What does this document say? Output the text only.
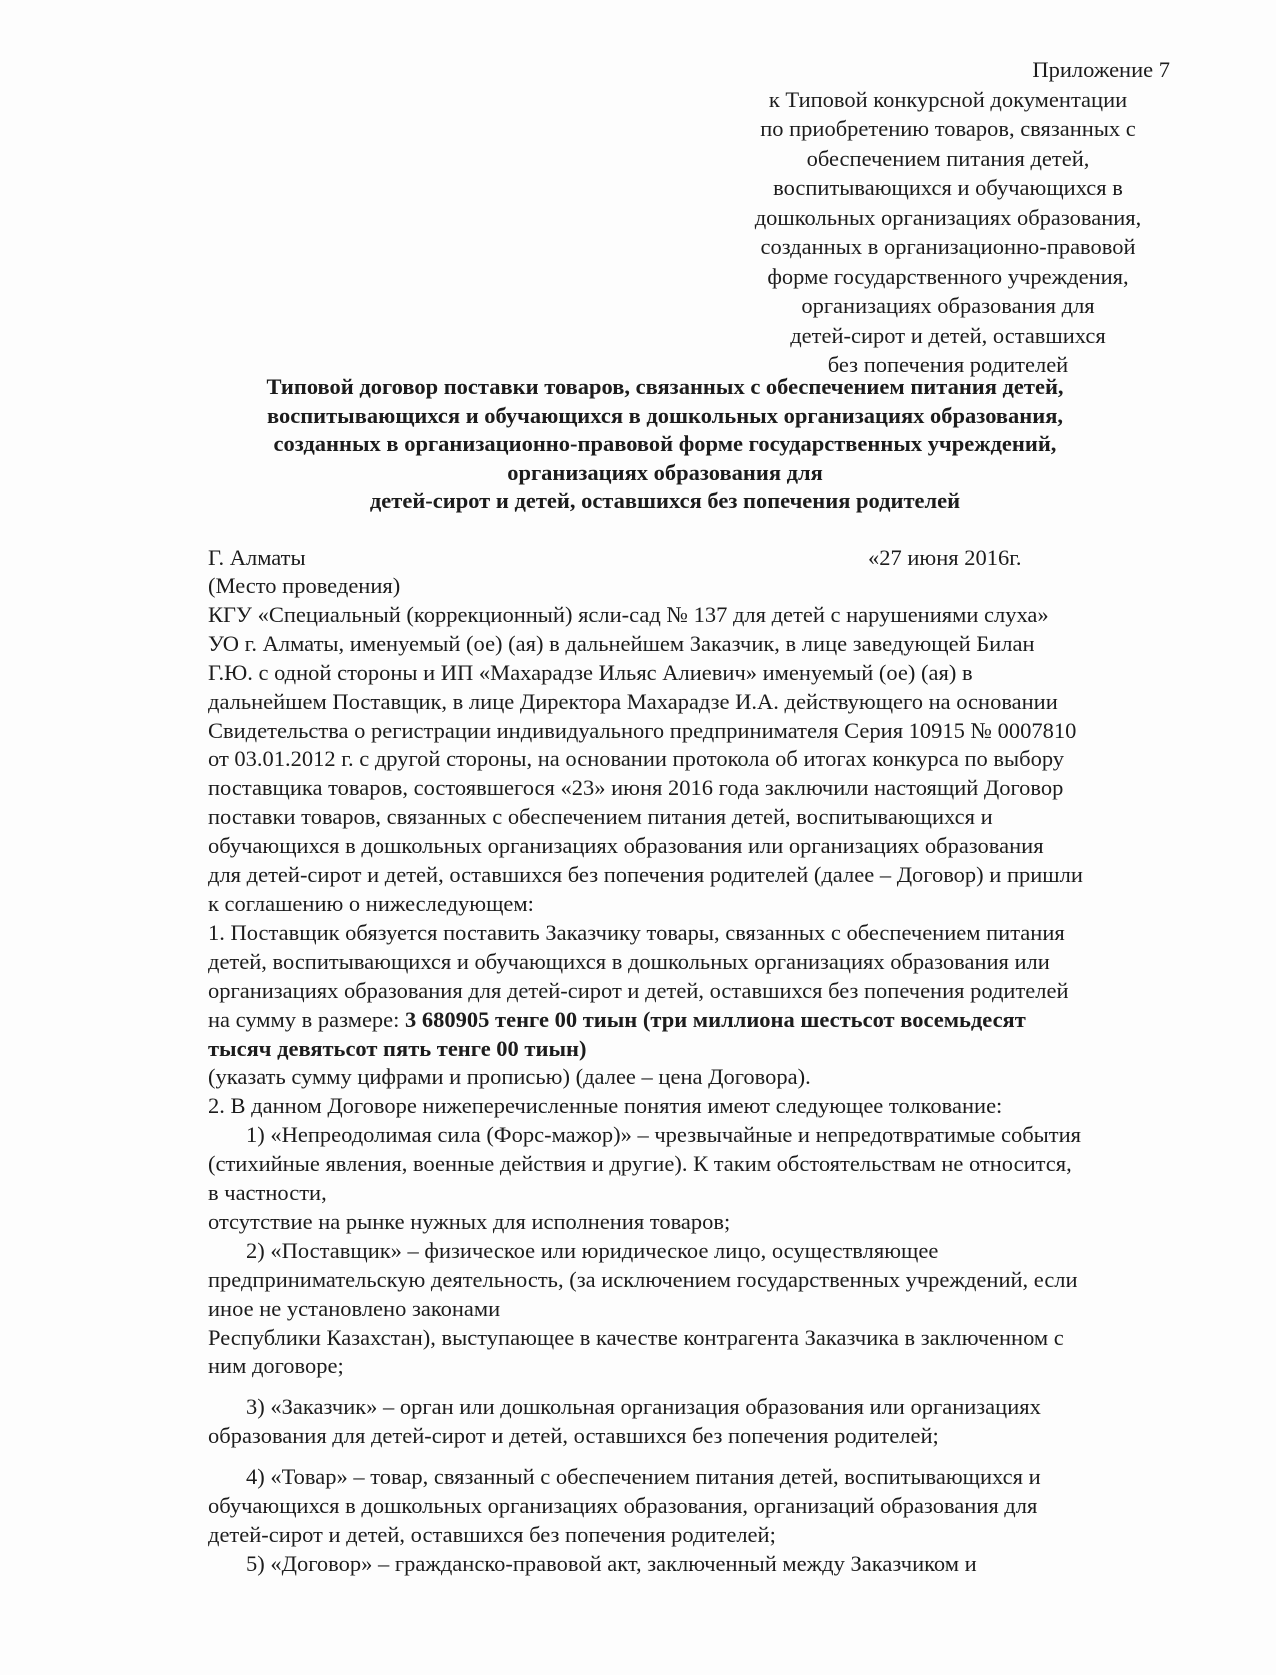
Приложение 7
к Типовой конкурсной документации
по приобретению товаров, связанных с
обеспечением питания детей,
воспитывающихся и обучающихся в
дошкольных организациях образования,
созданных в организационно-правовой
форме государственного учреждения,
организациях образования для
детей-сирот и детей, оставшихся
без попечения родителей
Типовой договор поставки товаров, связанных с обеспечением питания детей,
воспитывающихся и обучающихся в дошкольных организациях образования,
созданных в организационно-правовой форме государственных учреждений,
организациях образования для
детей-сирот и детей, оставшихся без попечения родителей
Г. Алматы	«27 июня 2016г.
(Место проведения)
КГУ «Специальный (коррекционный) ясли-сад № 137 для детей с нарушениями слуха»
УО г. Алматы, именуемый (ое) (ая) в дальнейшем Заказчик, в лице заведующей Билан
Г.Ю. с одной стороны и ИП «Махарадзе Ильяс Алиевич» именуемый (ое) (ая) в
дальнейшем Поставщик, в лице Директора Махарадзе И.А. действующего на основании
Свидетельства о регистрации индивидуального предпринимателя Серия 10915 № 0007810
от 03.01.2012 г. с другой стороны, на основании протокола об итогах конкурса по выбору
поставщика товаров, состоявшегося «23» июня 2016 года заключили настоящий Договор
поставки товаров, связанных с обеспечением питания детей, воспитывающихся и
обучающихся в дошкольных организациях образования или организациях образования
для детей-сирот и детей, оставшихся без попечения родителей (далее – Договор) и пришли
к соглашению о нижеследующем:
1. Поставщик обязуется поставить Заказчику товары, связанных с обеспечением питания
детей, воспитывающихся и обучающихся в дошкольных организациях образования или
организациях образования для детей-сирот и детей, оставшихся без попечения родителей
на сумму в размере: 3 680905 тенге 00 тиын (три миллиона шестьсот восемьдесят
тысяч девятьсот пять тенге 00 тиын)
(указать сумму цифрами и прописью) (далее – цена Договора).
2. В данном Договоре нижеперечисленные понятия имеют следующее толкование:
1) «Непреодолимая сила (Форс-мажор)» – чрезвычайные и непредотвратимые события
(стихийные явления, военные действия и другие). К таким обстоятельствам не относится,
в частности,
отсутствие на рынке нужных для исполнения товаров;
2) «Поставщик» – физическое или юридическое лицо, осуществляющее
предпринимательскую деятельность, (за исключением государственных учреждений, если
иное не установлено законами
Республики Казахстан), выступающее в качестве контрагента Заказчика в заключенном с
ним договоре;
3) «Заказчик» – орган или дошкольная организация образования или организациях
образования для детей-сирот и детей, оставшихся без попечения родителей;
4) «Товар» – товар, связанный с обеспечением питания детей, воспитывающихся и
обучающихся в дошкольных организациях образования, организаций образования для
детей-сирот и детей, оставшихся без попечения родителей;
5) «Договор» – гражданско-правовой акт, заключенный между Заказчиком и
